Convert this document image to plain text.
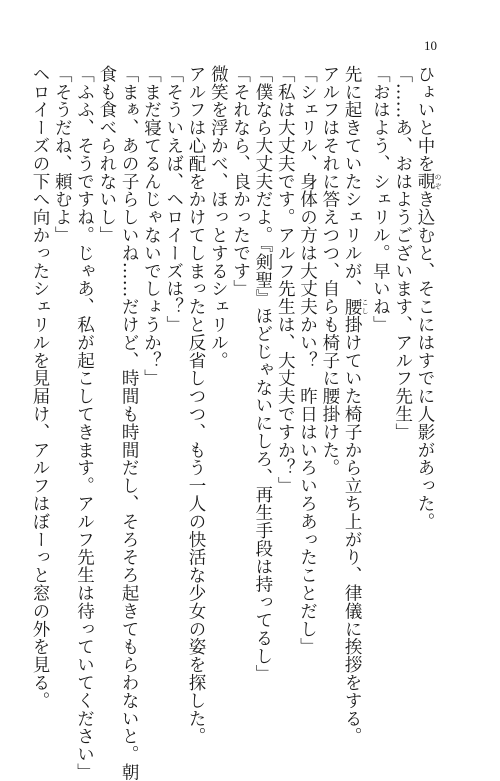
10
ひょいと中を覗 のぞき込むと、そこにはすでに人影があった。
「……あ、おはようございます、アルフ先生」
「おはよう、シェリル。早いね」
先に起きていたシェリルが、腰 こし掛けていた椅子から立ち上がり、律儀に挨拶をする。
アルフはそれに答えつつ、自らも椅子に腰掛けた。
「シェリル、身体の方は大丈夫かい？　昨日はいろいろあったことだし」
「私は大丈夫です。アルフ先生は、大丈夫ですか？」
「僕なら大丈夫だよ。『剣聖』ほどじゃないにしろ、再生手段は持ってるし」
「それなら、良かったです」
微笑を浮かべ、ほっとするシェリル。
アルフは心配をかけてしまったと反省しつつ、もう一人の快活な少女の姿を探した。
「そういえば、ヘロイーズは？」
「まだ寝てるんじゃないでしょうか？」
「まぁ、あの子らしいね……だけど、時間も時間だし、そろそろ起きてもらわないと。朝
食も食べられないし」
「ふふ、そうですね。じゃあ、私が起こしてきます。アルフ先生は待っていてください」
「そうだね、頼むよ」
ヘロイーズの下へ向かったシェリルを見届け、アルフはぼーっと窓の外を見る。
